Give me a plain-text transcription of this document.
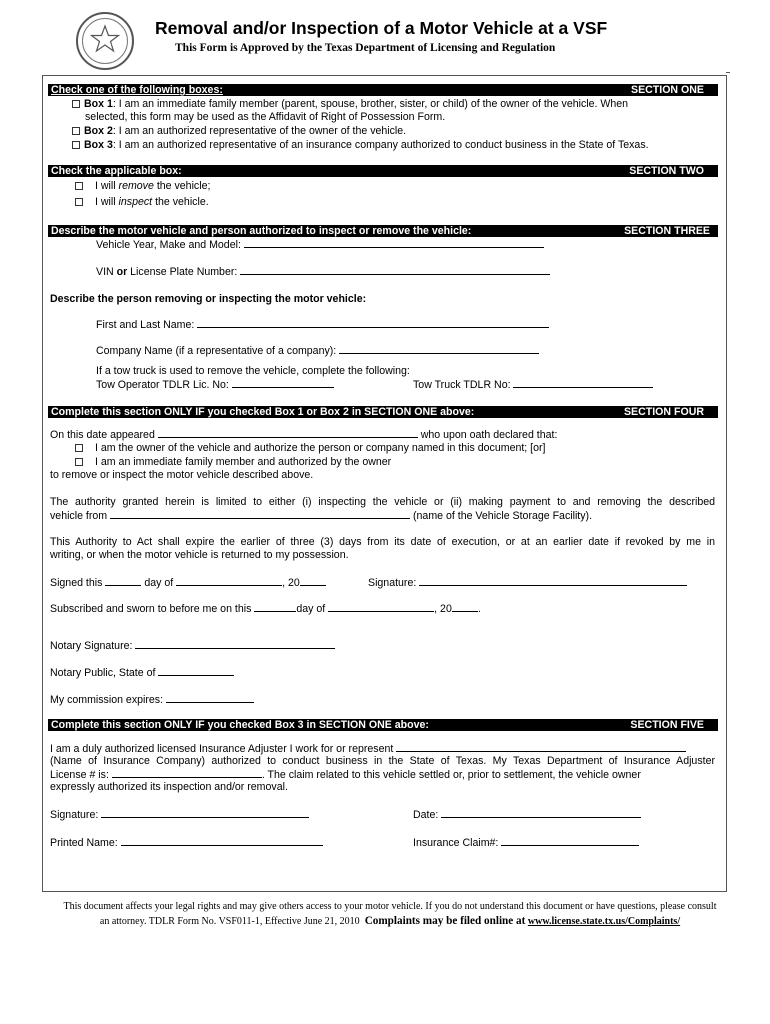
Removal and/or Inspection of a Motor Vehicle at a VSF
This Form is Approved by the Texas Department of Licensing and Regulation
Check one of the following boxes:	SECTION ONE
Box 1: I am an immediate family member (parent, spouse, brother, sister, or child) of the owner of the vehicle. When
selected, this form may be used as the Affidavit of Right of Possession Form.
Box 2: I am an authorized representative of the owner of the vehicle.
Box 3: I am an authorized representative of an insurance company authorized to conduct business in the State of Texas.
Check the applicable box:	SECTION TWO
I will remove the vehicle;
I will inspect the vehicle.
Describe the motor vehicle and person authorized to inspect or remove the vehicle:	SECTION THREE
Vehicle Year, Make and Model:
VIN or License Plate Number:
Describe the person removing or inspecting the motor vehicle:
First and Last Name:
Company Name (if a representative of a company):
If a tow truck is used to remove the vehicle, complete the following:
Tow Operator TDLR Lic. No:	Tow Truck TDLR No:
Complete this section ONLY IF you checked Box 1 or Box 2 in SECTION ONE above:	SECTION FOUR
On this date appeared	who upon oath declared that:
I am the owner of the vehicle and authorize the person or company named in this document; [or]
I am an immediate family member and authorized by the owner
to remove or inspect the motor vehicle described above.
The authority granted herein is limited to either (i) inspecting the vehicle or (ii) making payment to and removing the described
vehicle from	(name of the Vehicle Storage Facility).
This Authority to Act shall expire the earlier of three (3) days from its date of execution, or at an earlier date if revoked by me in
writing, or when the motor vehicle is returned to my possession.
Signed this	day of	, 20	Signature:
Subscribed and sworn to before me on this	day of	, 20 .
Notary Signature:
Notary Public, State of
My commission expires:
Complete this section ONLY IF you checked Box 3 in SECTION ONE above:	SECTION FIVE
I am a duly authorized licensed Insurance Adjuster I work for or represent
(Name of Insurance Company) authorized to conduct business in the State of Texas. My Texas Department of Insurance Adjuster
License # is:	. The claim related to this vehicle settled or, prior to settlement, the vehicle owner
expressly authorized its inspection and/or removal.
Signature:	Date:
Printed Name:	Insurance Claim#:
This document affects your legal rights and may give others access to your motor vehicle. If you do not understand this document or have questions, please consult
an attorney. TDLR Form No. VSF011-1, Effective June 21, 2010 Complaints may be filed online at www.license.state.tx.us/Complaints/
